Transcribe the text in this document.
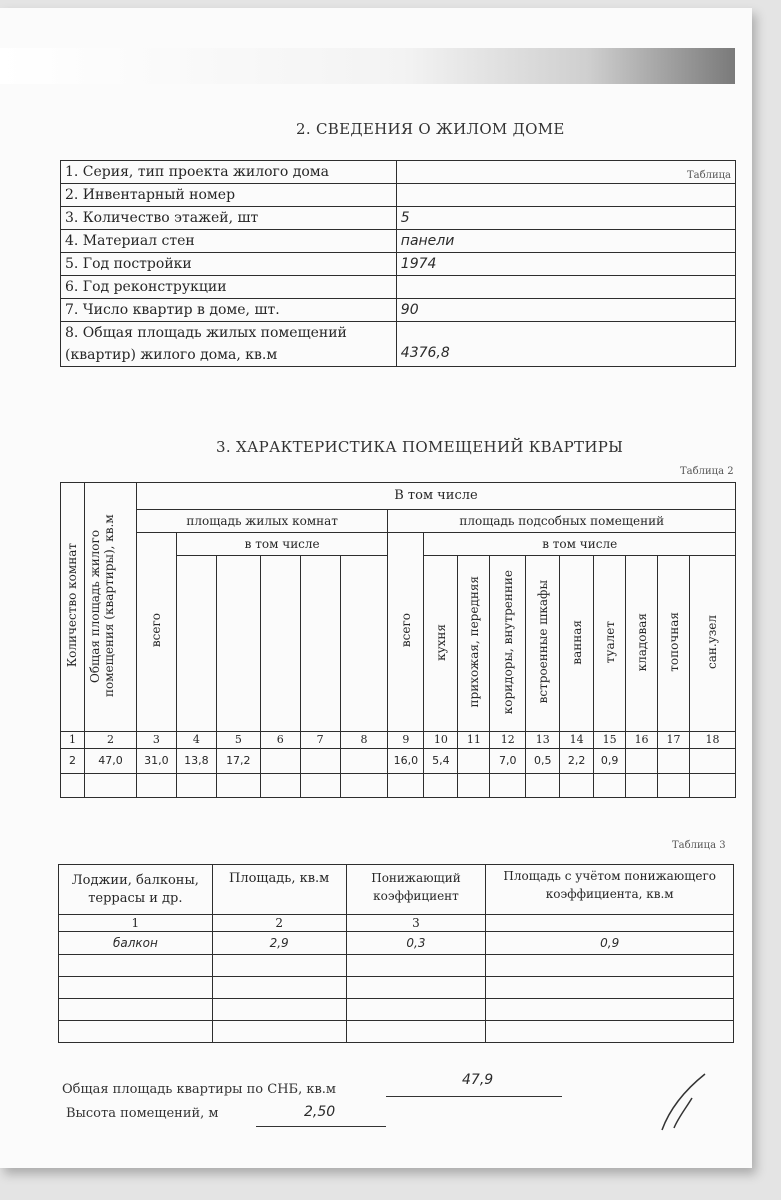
2. СВЕДЕНИЯ О ЖИЛОМ ДОМЕ
1. Серия, тип проекта жилого дома	Таблица

2. Инвентарный номер	
3. Количество этажей, шт	5
4. Материал стен	панели
5. Год постройки	1974
6. Год реконструкции	
7. Число квартир в доме, шт.	90
8. Общая площадь жилых помещений (квартир) жилого дома, кв.м	4376,8
3. ХАРАКТЕРИСТИКА ПОМЕЩЕНИЙ КВАРТИРЫ
Таблица 2
Количество комнат	Общая площадь жилого помещения (квартиры), кв.м	В том числе															
		площадь жилых комнат						площадь подсобных помещений									
		всего	в том числе					всего	в том числе								
									кухня	прихожая, передняя	коридоры, внутренние	встроенные шкафы	ванная	туалет	кладовая	топочная	сан.узел
1	2	3	4	5	6	7	8	9	10	11	12	13	14	15	16	17	18
2	47,0	31,0	13,8	17,2				16,0	5,4		7,0	0,5	2,2	0,9			

Таблица 3
Лоджии, балконы, террасы и др.	Площадь, кв.м	Понижающий коэффициент	Площадь с учётом понижающего коэффициента, кв.м
1	2	3	
балкон	2,9	0,3	0,9

Общая площадь квартиры по СНБ, кв.м
47,9
Высота помещений, м	2,50
